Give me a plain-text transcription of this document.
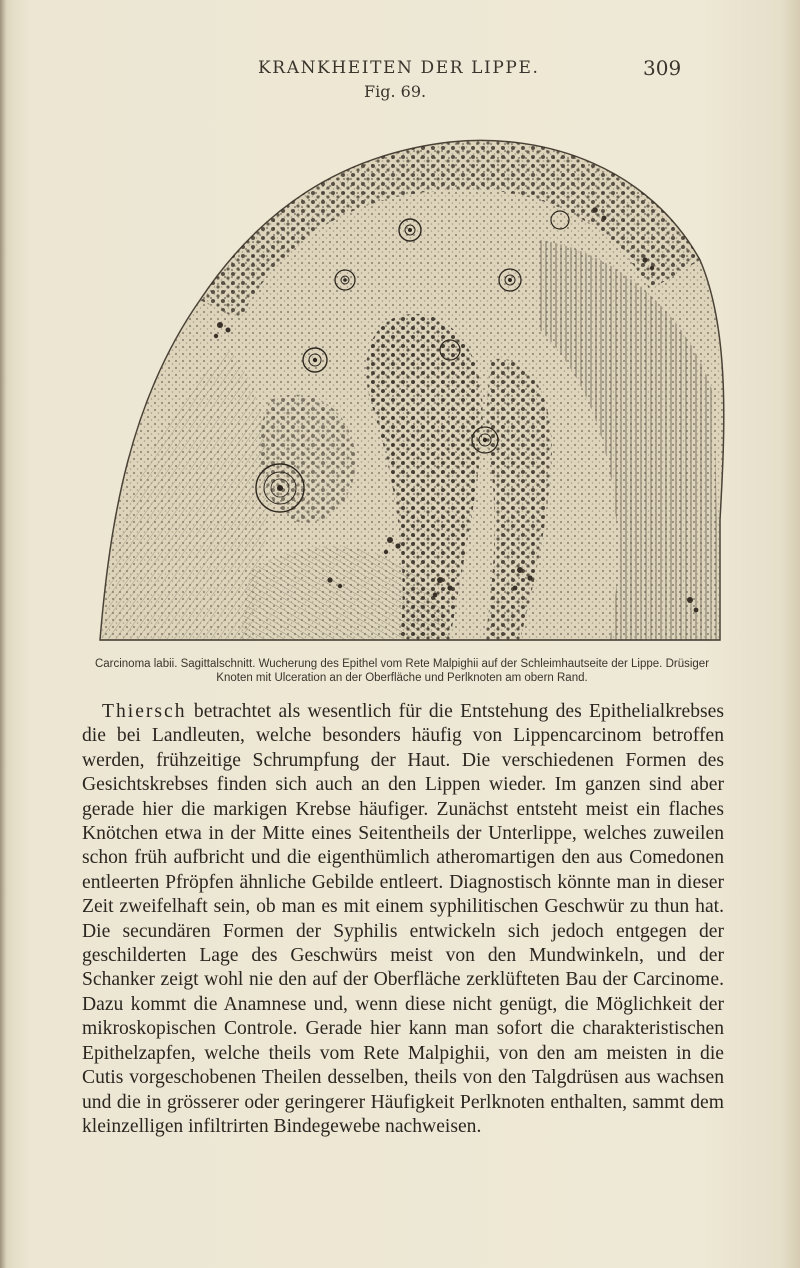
KRANKHEITEN DER LIPPE.	309
Fig. 69.
Carcinoma labii. Sagittalschnitt. Wucherung des Epithel vom Rete Malpighii auf der Schleimhautseite der Lippe. Drüsiger Knoten mit Ulceration an der Oberfläche und Perlknoten am obern Rand.

Thiersch betrachtet als wesentlich für die Entstehung des Epithelialkrebses die bei Landleuten, welche besonders häufig von Lippencarcinom betroffen werden, frühzeitige Schrumpfung der Haut. Die verschiedenen Formen des Gesichtskrebses finden sich auch an den Lippen wieder. Im ganzen sind aber gerade hier die markigen Krebse häufiger. Zunächst entsteht meist ein flaches Knötchen etwa in der Mitte eines Seitentheils der Unterlippe, welches zuweilen schon früh aufbricht und die eigenthümlich atheromartigen den aus Comedonen entleerten Pfröpfen ähnliche Gebilde entleert. Diagnostisch könnte man in dieser Zeit zweifelhaft sein, ob man es mit einem syphilitischen Geschwür zu thun hat. Die secundären Formen der Syphilis entwickeln sich jedoch entgegen der geschilderten Lage des Geschwürs meist von den Mundwinkeln, und der Schanker zeigt wohl nie den auf der Oberfläche zerklüfteten Bau der Carcinome. Dazu kommt die Anamnese und, wenn diese nicht genügt, die Möglichkeit der mikroskopischen Controle. Gerade hier kann man sofort die charakteristischen Epithelzapfen, welche theils vom Rete Malpighii, von den am meisten in die Cutis vorgeschobenen Theilen desselben, theils von den Talgdrüsen aus wachsen und die in grösserer oder geringerer Häufigkeit Perlknoten enthalten, sammt dem kleinzelligen infiltrirten Bindegewebe nachweisen.
